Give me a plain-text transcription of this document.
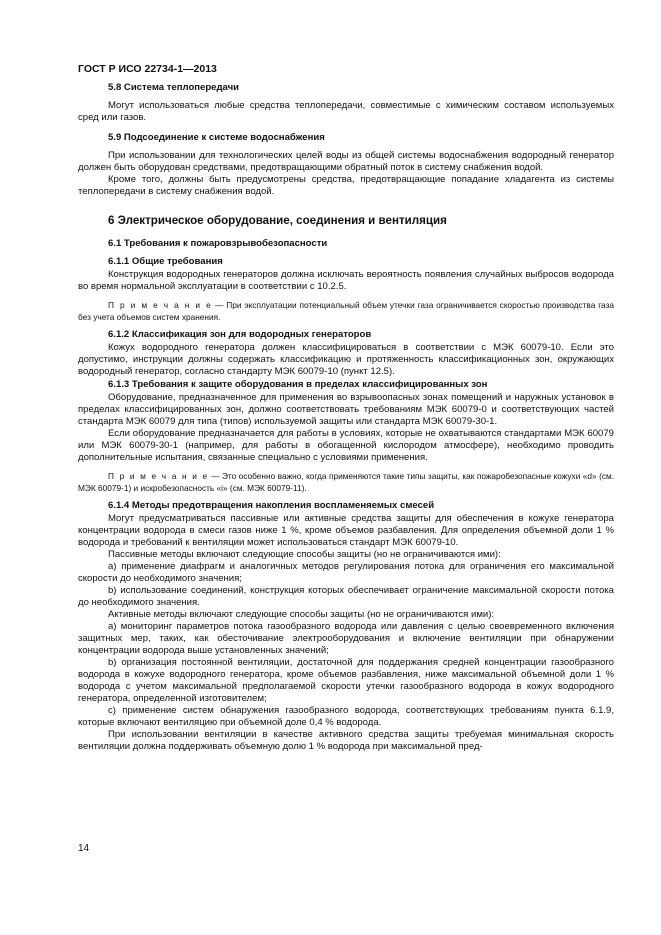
ГОСТ Р ИСО 22734-1—2013

5.8 Система теплопередачи

Могут использоваться любые средства теплопередачи, совместимые с химическим составом используемых сред или газов.

5.9 Подсоединение к системе водоснабжения

При использовании для технологических целей воды из общей системы водоснабжения водородный генератор должен быть оборудован средствами, предотвращающими обратный поток в систему снабжения водой.

Кроме того, должны быть предусмотрены средства, предотвращающие попадание хладагента из системы теплопередачи в систему снабжения водой.

6 Электрическое оборудование, соединения и вентиляция

6.1 Требования к пожаровзрывобезопасности

6.1.1 Общие требования

Конструкция водородных генераторов должна исключать вероятность появления случайных выбросов водорода во время нормальной эксплуатации в соответствии с 10.2.5.

П р и м е ч а н и е — При эксплуатации потенциальный объем утечки газа ограничивается скоростью производства газа без учета объемов систем хранения.

6.1.2 Классификация зон для водородных генераторов

Кожух водородного генератора должен классифицироваться в соответствии с МЭК 60079-10. Если это допустимо, инструкции должны содержать классификацию и протяженность классификационных зон, окружающих водородный генератор, согласно стандарту МЭК 60079-10 (пункт 12.5).

6.1.3 Требования к защите оборудования в пределах классифицированных зон

Оборудование, предназначенное для применения во взрывоопасных зонах помещений и наружных установок в пределах классифицированных зон, должно соответствовать требованиям МЭК 60079-0 и соответствующих частей стандарта МЭК 60079 для типа (типов) используемой защиты или стандарта МЭК 60079-30-1.

Если оборудование предназначается для работы в условиях, которые не охватываются стандартами МЭК 60079 или МЭК 60079-30-1 (например, для работы в обогащенной кислородом атмосфере), необходимо проводить дополнительные испытания, связанные специально с условиями применения.

П р и м е ч а н и е — Это особенно важно, когда применяются такие типы защиты, как пожаробезопасные кожухи «d» (см. МЭК 60079-1) и искробезопасность «i» (см. МЭК 60079-11).

6.1.4 Методы предотвращения накопления воспламеняемых смесей

Могут предусматриваться пассивные или активные средства защиты для обеспечения в кожухе генератора концентрации водорода в смеси газов ниже 1 %, кроме объемов разбавления. Для определения объемной доли 1 % водорода и требований к вентиляции может использоваться стандарт МЭК 60079-10.

Пассивные методы включают следующие способы защиты (но не ограничиваются ими):

а) применение диафрагм и аналогичных методов регулирования потока для ограничения его максимальной скорости до необходимого значения;

b) использование соединений, конструкция которых обеспечивает ограничение максимальной скорости потока до необходимого значения.

Активные методы включают следующие способы защиты (но не ограничиваются ими):

а) мониторинг параметров потока газообразного водорода или давления с целью своевременного включения защитных мер, таких, как обесточивание электрооборудования и включение вентиляции при обнаружении концентрации водорода выше установленных значений;

b) организация постоянной вентиляции, достаточной для поддержания средней концентрации газообразного водорода в кожухе водородного генератора, кроме объемов разбавления, ниже максимальной объемной доли 1 % водорода с учетом максимальной предполагаемой скорости утечки газообразного водорода в кожух водородного генератора, определенной изготовителем;

с) применение систем обнаружения газообразного водорода, соответствующих требованиям пункта 6.1.9, которые включают вентиляцию при объемной доле 0,4 % водорода.

При использовании вентиляции в качестве активного средства защиты требуемая минимальная скорость вентиляции должна поддерживать объемную долю 1 % водорода при максимальной пред-

14
